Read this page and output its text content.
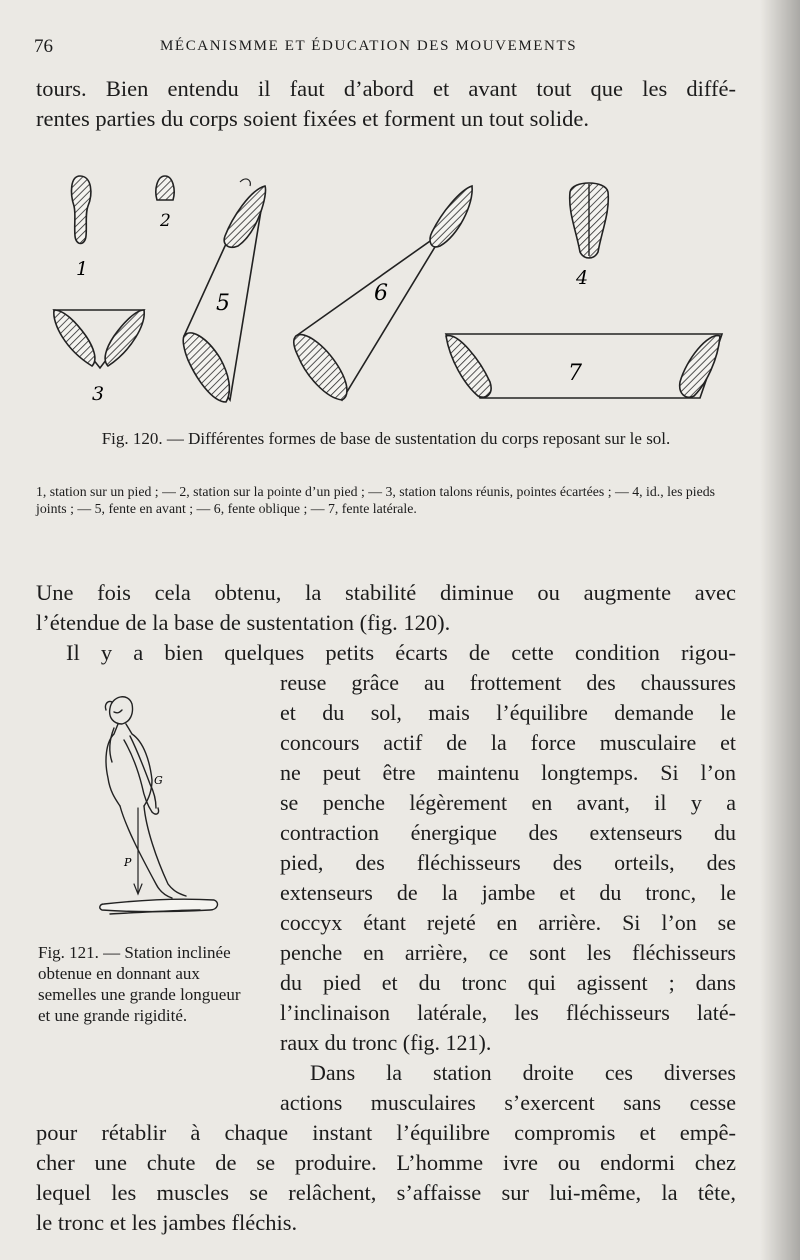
76	MÉCANISMME ET ÉDUCATION DES MOUVEMENTS

tours. Bien entendu il faut d’abord et avant tout que les diffé-
rentes parties du corps soient fixées et forment un tout solide.

1
2
3
4
5	6
7

Fig. 120. — Différentes formes de base de sustentation du corps reposant sur le sol.

1, station sur un pied ; — 2, station sur la pointe d’un pied ; — 3, station talons réunis, pointes écartées ; — 4, id., les pieds joints ; — 5, fente en avant ; — 6, fente oblique ; — 7, fente latérale.

Une fois cela obtenu, la stabilité diminue ou augmente avec
l’étendue de la base de sustentation (fig. 120).

Il y a bien quelques petits écarts de cette condition rigou-

reuse grâce au frottement des chaussures
et du sol, mais l’équilibre demande le
concours actif de la force musculaire et
ne peut être maintenu longtemps. Si l’on
se penche légèrement en avant, il y a
contraction énergique des extenseurs du
pied, des fléchisseurs des orteils, des
extenseurs de la jambe et du tronc, le
coccyx étant rejeté en arrière. Si l’on se
penche en arrière, ce sont les fléchisseurs
du pied et du tronc qui agissent ; dans
l’inclinaison latérale, les fléchisseurs laté-
raux du tronc (fig. 121).

Dans la station droite ces diverses
actions musculaires s’exercent sans cesse

pour rétablir à chaque instant l’équilibre compromis et empê-
cher une chute de se produire. L’homme ivre ou endormi chez
lequel les muscles se relâchent, s’affaisse sur lui-même, la tête,
le tronc et les jambes fléchis.

G
P

Fig. 121. — Station inclinée obtenue en donnant aux semelles une grande longueur et une grande rigidité.
